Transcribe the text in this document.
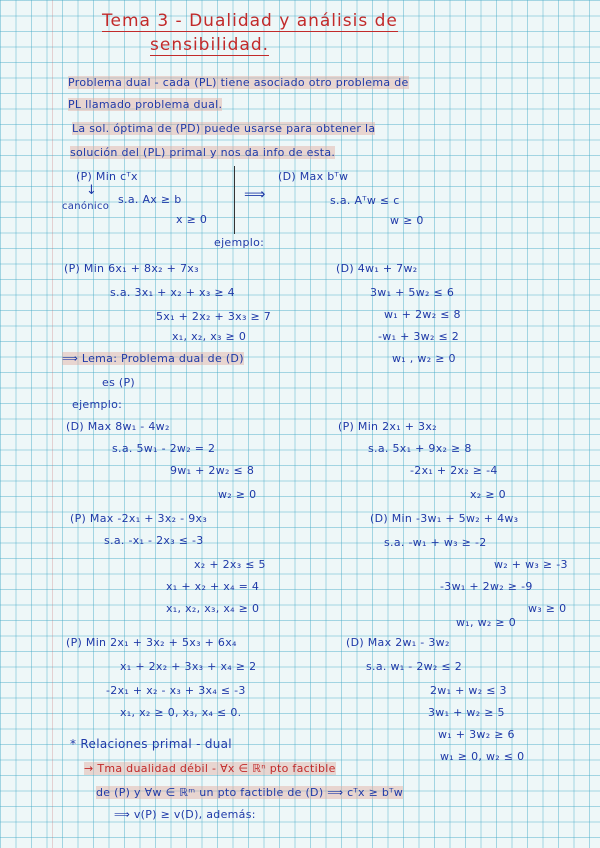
Tema 3 - Dualidad y análisis de
sensibilidad.
Problema dual - cada (PL) tiene asociado otro problema de
PL llamado problema dual.
La sol. óptima de (PD) puede usarse para obtener la
solución del (PL) primal y nos da info de esta.
(P) Min cᵀx
↓
s.a. Ax ≥ b
canónico
x ≥ 0
⟹
(D) Max bᵀw
s.a. Aᵀw ≤ c
w ≥ 0
ejemplo:
(P) Min 6x₁ + 8x₂ + 7x₃
s.a. 3x₁ + x₂ + x₃ ≥ 4
5x₁ + 2x₂ + 3x₃ ≥ 7
x₁, x₂, x₃ ≥ 0
(D) 4w₁ + 7w₂
3w₁ + 5w₂ ≤ 6
w₁ + 2w₂ ≤ 8
-w₁ + 3w₂ ≤ 2
w₁ , w₂ ≥ 0
⟹ Lema: Problema dual de (D)
es (P)
ejemplo:
(D) Max 8w₁ - 4w₂
s.a. 5w₁ - 2w₂ = 2
9w₁ + 2w₂ ≤ 8
w₂ ≥ 0
(P) Min 2x₁ + 3x₂
s.a. 5x₁ + 9x₂ ≥ 8
-2x₁ + 2x₂ ≥ -4
x₂ ≥ 0
(P) Max -2x₁ + 3x₂ - 9x₃
s.a. -x₁ - 2x₃ ≤ -3
x₂ + 2x₃ ≤ 5
x₁ + x₂ + x₄ = 4
x₁, x₂, x₃, x₄ ≥ 0
(D) Min -3w₁ + 5w₂ + 4w₃
s.a. -w₁ + w₃ ≥ -2
w₂ + w₃ ≥ -3
-3w₁ + 2w₂ ≥ -9
w₃ ≥ 0
w₁, w₂ ≥ 0
(P) Min 2x₁ + 3x₂ + 5x₃ + 6x₄
x₁ + 2x₂ + 3x₃ + x₄ ≥ 2
-2x₁ + x₂ - x₃ + 3x₄ ≤ -3
x₁, x₂ ≥ 0, x₃, x₄ ≤ 0.
(D) Max 2w₁ - 3w₂
s.a. w₁ - 2w₂ ≤ 2
2w₁ + w₂ ≤ 3
3w₁ + w₂ ≥ 5
w₁ + 3w₂ ≥ 6
w₁ ≥ 0, w₂ ≤ 0
* Relaciones primal - dual
→ Tma dualidad débil - ∀x ∈ ℝⁿ pto factible
de (P) y ∀w ∈ ℝᵐ un pto factible de (D) ⟹ cᵀx ≥ bᵀw
⟹ v(P) ≥ v(D), además:
